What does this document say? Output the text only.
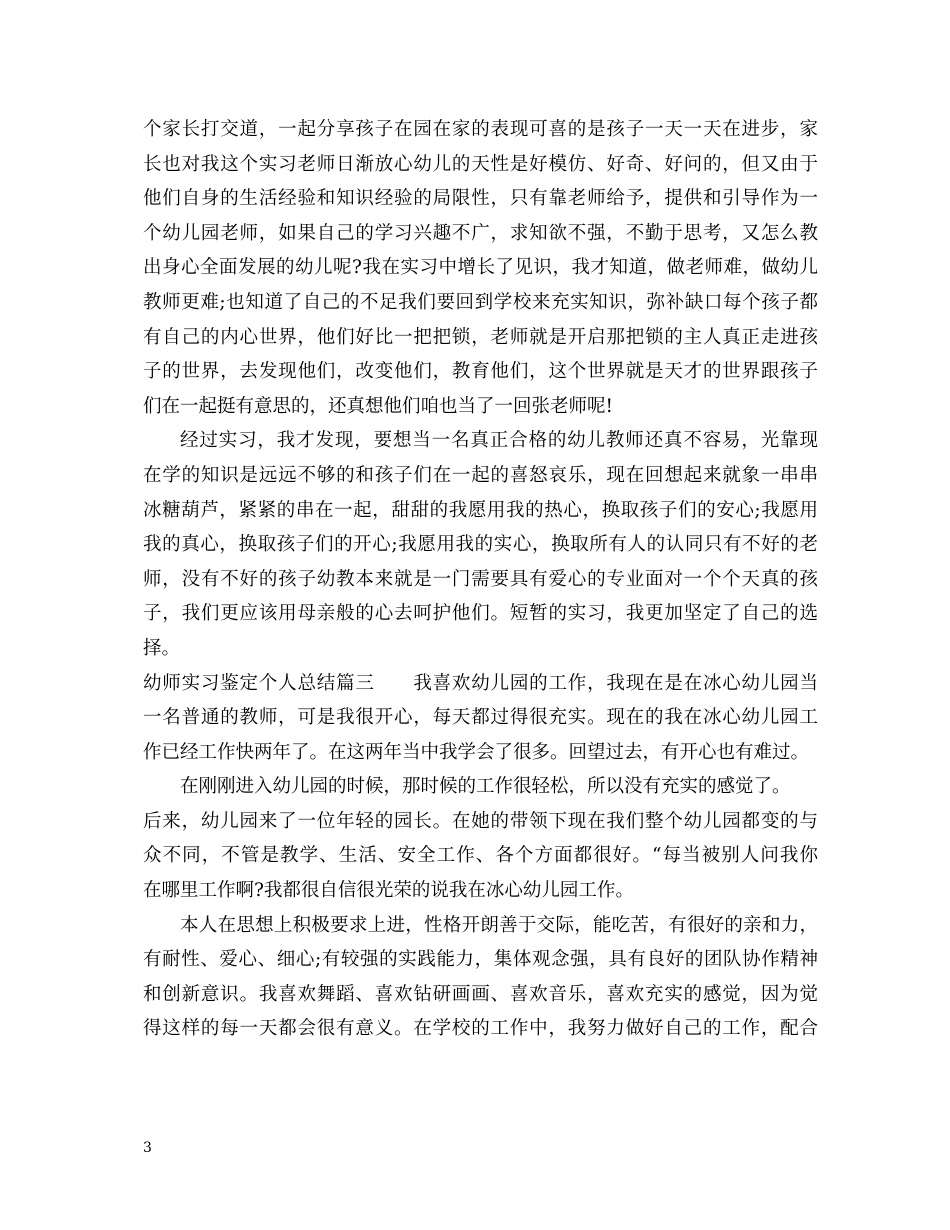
个家长打交道，一起分享孩子在园在家的表现可喜的是孩子一天一天在进步，家
长也对我这个实习老师日渐放心幼儿的天性是好模仿、好奇、好问的，但又由于
他们自身的生活经验和知识经验的局限性，只有靠老师给予，提供和引导作为一
个幼儿园老师，如果自己的学习兴趣不广，求知欲不强，不勤于思考，又怎么教
出身心全面发展的幼儿呢?我在实习中增长了见识，我才知道，做老师难，做幼儿
教师更难;也知道了自己的不足我们要回到学校来充实知识，弥补缺口每个孩子都
有自己的内心世界，他们好比一把把锁，老师就是开启那把锁的主人真正走进孩
子的世界，去发现他们，改变他们，教育他们，这个世界就是天才的世界跟孩子
们在一起挺有意思的，还真想他们咱也当了一回张老师呢!
经过实习，我才发现，要想当一名真正合格的幼儿教师还真不容易，光靠现
在学的知识是远远不够的和孩子们在一起的喜怒哀乐，现在回想起来就象一串串
冰糖葫芦，紧紧的串在一起，甜甜的我愿用我的热心，换取孩子们的安心;我愿用
我的真心，换取孩子们的开心;我愿用我的实心，换取所有人的认同只有不好的老
师，没有不好的孩子幼教本来就是一门需要具有爱心的专业面对一个个天真的孩
子，我们更应该用母亲般的心去呵护他们。短暂的实习，我更加坚定了自己的选
择。
幼师实习鉴定个人总结篇三　　我喜欢幼儿园的工作，我现在是在冰心幼儿园当
一名普通的教师，可是我很开心，每天都过得很充实。现在的我在冰心幼儿园工
作已经工作快两年了。在这两年当中我学会了很多。回望过去，有开心也有难过。
在刚刚进入幼儿园的时候，那时候的工作很轻松，所以没有充实的感觉了。
后来，幼儿园来了一位年轻的园长。在她的带领下现在我们整个幼儿园都变的与
众不同，不管是教学、生活、安全工作、各个方面都很好。“每当被别人问我你
在哪里工作啊?我都很自信很光荣的说我在冰心幼儿园工作。
本人在思想上积极要求上进，性格开朗善于交际，能吃苦，有很好的亲和力，
有耐性、爱心、细心;有较强的实践能力，集体观念强，具有良好的团队协作精神
和创新意识。我喜欢舞蹈、喜欢钻研画画、喜欢音乐，喜欢充实的感觉，因为觉
得这样的每一天都会很有意义。在学校的工作中，我努力做好自己的工作，配合
3
